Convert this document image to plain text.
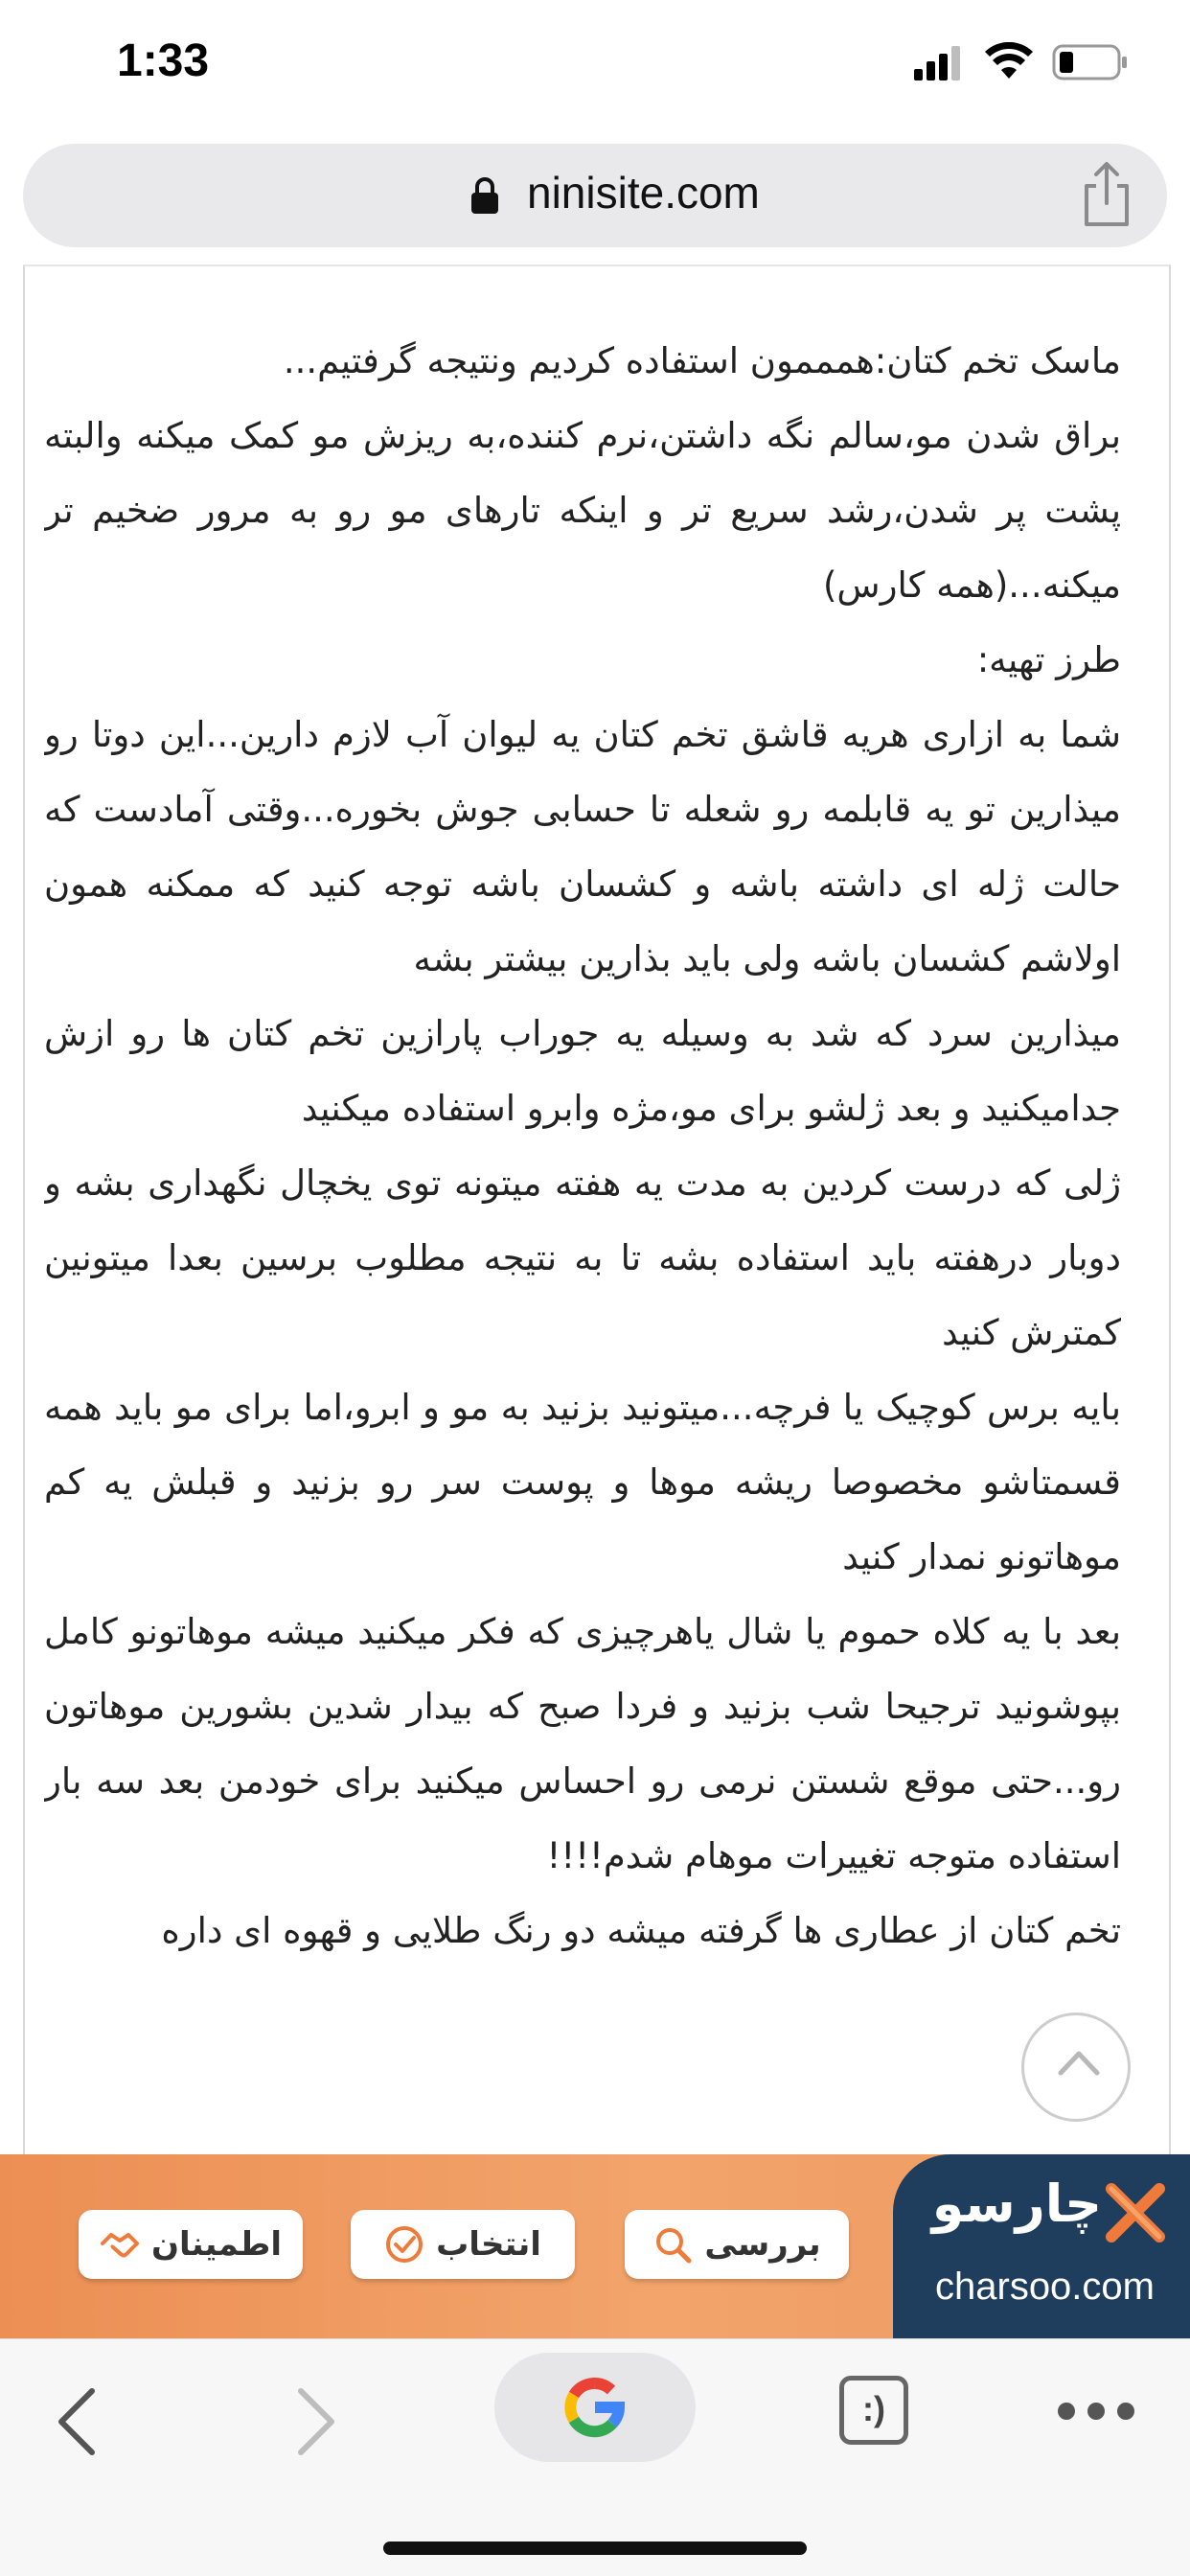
1:33
ninisite.com

ماسک تخم کتان:همممون استفاده کردیم ونتیجه گرفتیم...

براق شدن مو،سالم نگه داشتن،نرم کننده،به ریزش مو کمک میکنه والبته پشت پر شدن،رشد سریع تر و اینکه تارهای مو رو به مرور ضخیم تر میکنه...(همه کارس)

طرز تهیه:

شما به ازاری هریه قاشق تخم کتان یه لیوان آب لازم دارین...این دوتا رو میذارین تو یه قابلمه رو شعله تا حسابی جوش بخوره...وقتی آمادست که حالت ژله ای داشته باشه و کشسان باشه توجه کنید که ممکنه همون اولاشم کشسان باشه ولی باید بذارین بیشتر بشه

میذارین سرد که شد به وسیله یه جوراب پارازین تخم کتان ها رو ازش جدامیکنید و بعد ژلشو برای مو،مژه وابرو استفاده میکنید

ژلی که درست کردین به مدت یه هفته میتونه توی یخچال نگهداری بشه و دوبار درهفته باید استفاده بشه تا به نتیجه مطلوب برسین بعدا میتونین کمترش کنید

بایه برس کوچیک یا فرچه...میتونید بزنید به مو و ابرو،اما برای مو باید همه قسمتاشو مخصوصا ریشه موها و پوست سر رو بزنید و قبلش یه کم موهاتونو نمدار کنید

بعد با یه کلاه حموم یا شال یاهرچیزی که فکر میکنید میشه موهاتونو کامل بپوشونید ترجیحا شب بزنید و فردا صبح که بیدار شدین بشورین موهاتون رو...حتی موقع شستن نرمی رو احساس میکنید برای خودمن بعد سه بار استفاده متوجه تغییرات موهام شدم!!!!

تخم کتان از عطاری ها گرفته میشه دو رنگ طلایی و قهوه ای داره

بررسی
انتخاب
اطمینان
چارسو
charsoo.com
:)
